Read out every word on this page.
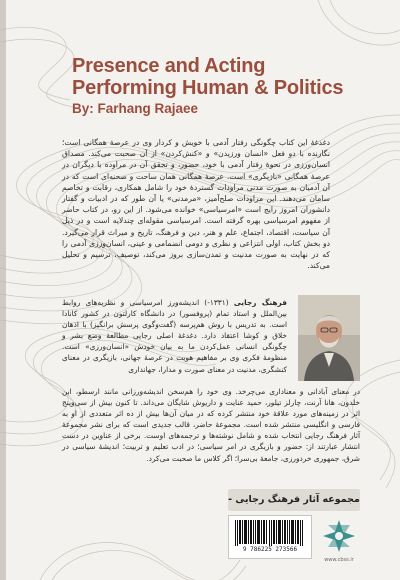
Presence and Acting
Performing Human & Politics
By: Farhang Rajaee
دغدغهٔ این کتاب چگونگی رفتار آدمی با خویش و کردار وی در عرصهٔ همگانی است؛ نگارنده با دو فعل «انسان ورزیدن» و «کنش‌کردن» از آن صحبت می‌کند. مصداق انسان‌ورزی در نحوهٔ رفتار آدمی با خود، حضور، و تحقق آن در مراوده با دیگران در عرصهٔ همگانی «بازیگری» است. عرصهٔ همگانی همان ساحت و صحنه‌ای است که در آن آدمیان به صورت مدنی مراودات گستردهٔ خود را شامل همکاری، رقابت و تخاصم سامان می‌دهند. این مراودات صلح‌آمیز، «مرمدنی» یا آن طور که در ادبیات و گفتار دانشوران امروز رایج است «امرسیاسی» خوانده می‌شود. از این رو، در کتاب حاضر از مفهوم امرسیاسی بهره گرفته است. امرسیاسی مقوله‌ای چندلایه است و در ذیل آن سیاست، اقتصاد، اجتماع، علم و هنر، دین و فرهنگ، تاریخ و میراث قرار می‌گیرد. دو بخش کتاب، اولی انتزاعی و نظری و دومی انضمامی و عینی، انسان‌ورزی آدمی را که در نهایت به صورت مدنیت و تمدن‌سازی بروز می‌کند، توصیف، ترسیم و تحلیل می‌کند.
فرهنگ رجایی (۱۳۳۱-) اندیشه‌ورز امرسیاسی و نظریه‌های روابط بین‌الملل و استاد تمام (پروفسور) در دانشگاه کارلتون در کشور کانادا است. به تدریس با روش هم‌پرسه (گفت‌وگوی پرسش برانگیز) با اذهان خلاق و کوشا اعتقاد دارد. دغدغهٔ اصلی رجایی مطالعهٔ وضع بشر و چگونگی انسانی عمل‌کردن ما به بیان خودش «انسان‌ورزی» است. منظومهٔ فکری وی بر مفاهیم هویت در عرصهٔ جهانی، بازیگری در معنای کنشگری، مدنیت در معنای صورت و مدارا، جهانداری
در معنای آبادانی و معناداری می‌چرخد. وی خود را هم‌سخن اندیشه‌ورزانی مانند ارسطو، ابن خلدون، هانا آرنت، چارلز تیلور، حمید عنایت و داریوش شایگان می‌داند. تا کنون بیش از سی‌وپنج اثر در زمینه‌های مورد علاقهٔ خود منتشر کرده که در میان آن‌ها بیش از ده اثر متعددی از او به فارسی و انگلیسی منتشر شده است. مجموعهٔ حاضر، قالب جدیدی است که برای نشر مجموعهٔ آثار فرهنگ رجایی انتخاب شده و شامل نوشته‌ها و ترجمه‌های اوست. برخی از عناوین در دست انتشار عبارتند از: حضور و بازیگری در امر سیاسی؛ در ادب تعلیم و تربیت؛ اندیشهٔ سیاسی در شرق، جمهوری خردورزی، جامعهٔ بی‌سرا؛ اگر کلاس ما صحبت می‌کرد.
مجموعه آثار فرهنگ رجایی -
9 786225 273566
www.cbss.ir
